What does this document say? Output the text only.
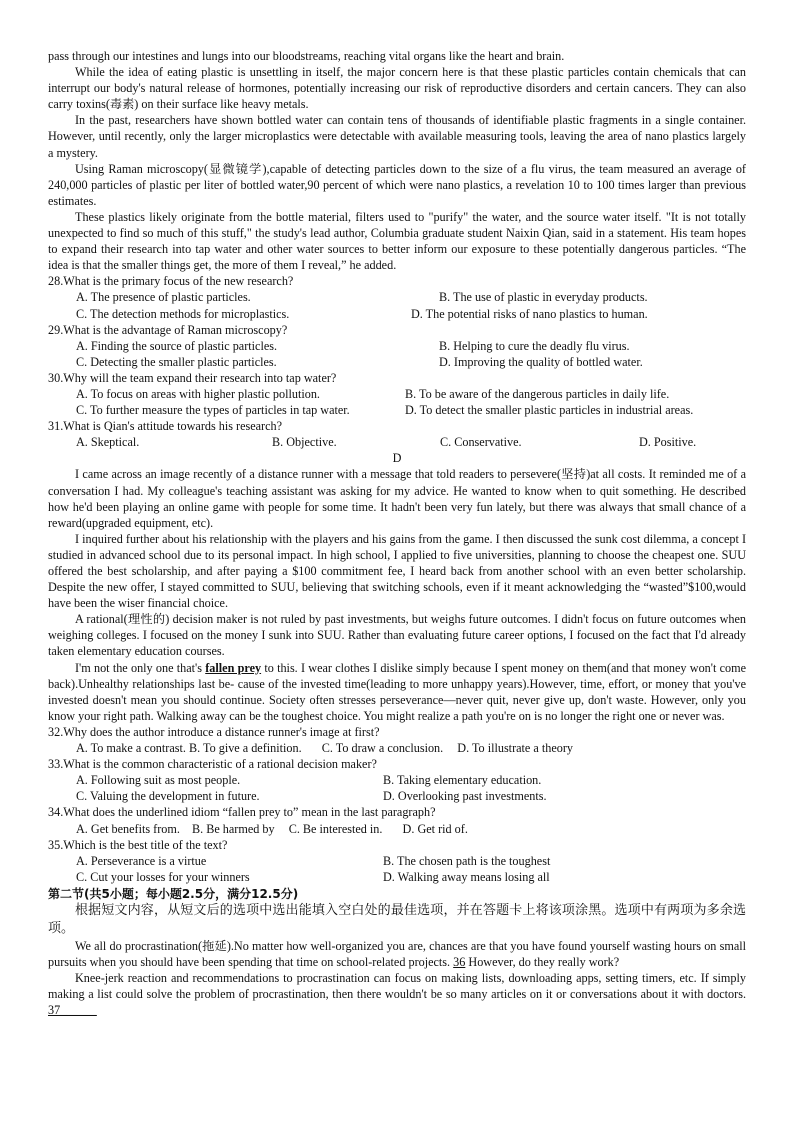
pass through our intestines and lungs into our bloodstreams, reaching vital organs like the heart and brain.

While the idea of eating plastic is unsettling in itself, the major concern here is that these plastic particles contain chemicals that can interrupt our body's natural release of hormones, potentially increasing our risk of reproductive disorders and certain cancers. They can also carry toxins(毒素) on their surface like heavy metals.

In the past, researchers have shown bottled water can contain tens of thousands of identifiable plastic fragments in a single container. However, until recently, only the larger microplastics were detectable with available measuring tools, leaving the area of nano plastics largely a mystery.

Using Raman microscopy(显微镜学),capable of detecting particles down to the size of a flu virus, the team measured an average of 240,000 particles of plastic per liter of bottled water,90 percent of which were nano plastics, a revelation 10 to 100 times larger than previous estimates.

These plastics likely originate from the bottle material, filters used to "purify" the water, and the source water itself. "It is not totally unexpected to find so much of this stuff," the study's lead author, Columbia graduate student Naixin Qian, said in a statement. His team hopes to expand their research into tap water and other water sources to better inform our exposure to these potentially dangerous particles. “The idea is that the smaller things get, the more of them I reveal,” he added.

28.What is the primary focus of the new research?

A. The presence of plastic particles.	B. The use of plastic in everyday products.
C. The detection methods for microplastics.	D. The potential risks of nano plastics to human.

29.What is the advantage of Raman microscopy?

A. Finding the source of plastic particles.	B. Helping to cure the deadly flu virus.
C. Detecting the smaller plastic particles.	D. Improving the quality of bottled water.

30.Why will the team expand their research into tap water?

A. To focus on areas with higher plastic pollution.	B. To be aware of the dangerous particles in daily life.
C. To further measure the types of particles in tap water.	D. To detect the smaller plastic particles in industrial areas.

31.What is Qian's attitude towards his research?

A. Skeptical.	B. Objective.	C. Conservative.	D. Positive.

D

I came across an image recently of a distance runner with a message that told readers to persevere(坚持)at all costs. It reminded me of a conversation I had. My colleague's teaching assistant was asking for my advice. He wanted to know when to quit something. He described how he'd been playing an online game with people for some time. It hadn't been very fun lately, but there was always that small chance of a reward(upgraded equipment, etc).

I inquired further about his relationship with the players and his gains from the game. I then discussed the sunk cost dilemma, a concept I studied in advanced school due to its personal impact. In high school, I applied to five universities, planning to choose the cheapest one. SUU offered the best scholarship, and after paying a $100 commitment fee, I heard back from another school with an even better scholarship. Despite the new offer, I stayed committed to SUU, believing that switching schools, even if it meant acknowledging the “wasted”$100,would have been the wiser financial choice.

A rational(理性的) decision maker is not ruled by past investments, but weighs future outcomes. I didn't focus on future outcomes when weighing colleges. I focused on the money I sunk into SUU. Rather than evaluating future career options, I focused on the fact that I'd already taken elementary education courses.

I'm not the only one that's fallen prey to this. I wear clothes I dislike simply because I spent money on them(and that money won't come back).Unhealthy relationships last be- cause of the invested time(leading to more unhappy years).However, time, effort, or money that you've invested doesn't mean you should continue. Society often stresses perseverance—never quit, never give up, don't waste. However, only you know your right path. Walking away can be the toughest choice. You might realize a path you're on is no longer the right one or never was.

32.Why does the author introduce a distance runner's image at first?

A. To make a contrast. B. To give a definition. C. To draw a conclusion. D. To illustrate a theory

33.What is the common characteristic of a rational decision maker?

A. Following suit as most people.	B. Taking elementary education.
C. Valuing the development in future.	D. Overlooking past investments.

34.What does the underlined idiom “fallen prey to” mean in the last paragraph?

A. Get benefits from. B. Be harmed by C. Be interested in. D. Get rid of.

35.Which is the best title of the text?

A. Perseverance is a virtue	B. The chosen path is the toughest
C. Cut your losses for your winners	D. Walking away means losing all

第二节(共5小题；每小题2.5分，满分12.5分)

根据短文内容，从短文后的选项中选出能填入空白处的最佳选项，并在答题卡上将该项涂黑。选项中有两项为多余选项。

We all do procrastination(拖延).No matter how well-organized you are, chances are that you have found yourself wasting hours on small pursuits when you should have been spending that time on school-related projects. 36 However, do they really work?

Knee-jerk reaction and recommendations to procrastination can focus on making lists, downloading apps, setting timers, etc. If simply making a list could solve the problem of procrastination, then there wouldn't be so many articles on it or conversations about it with doctors. 37______
